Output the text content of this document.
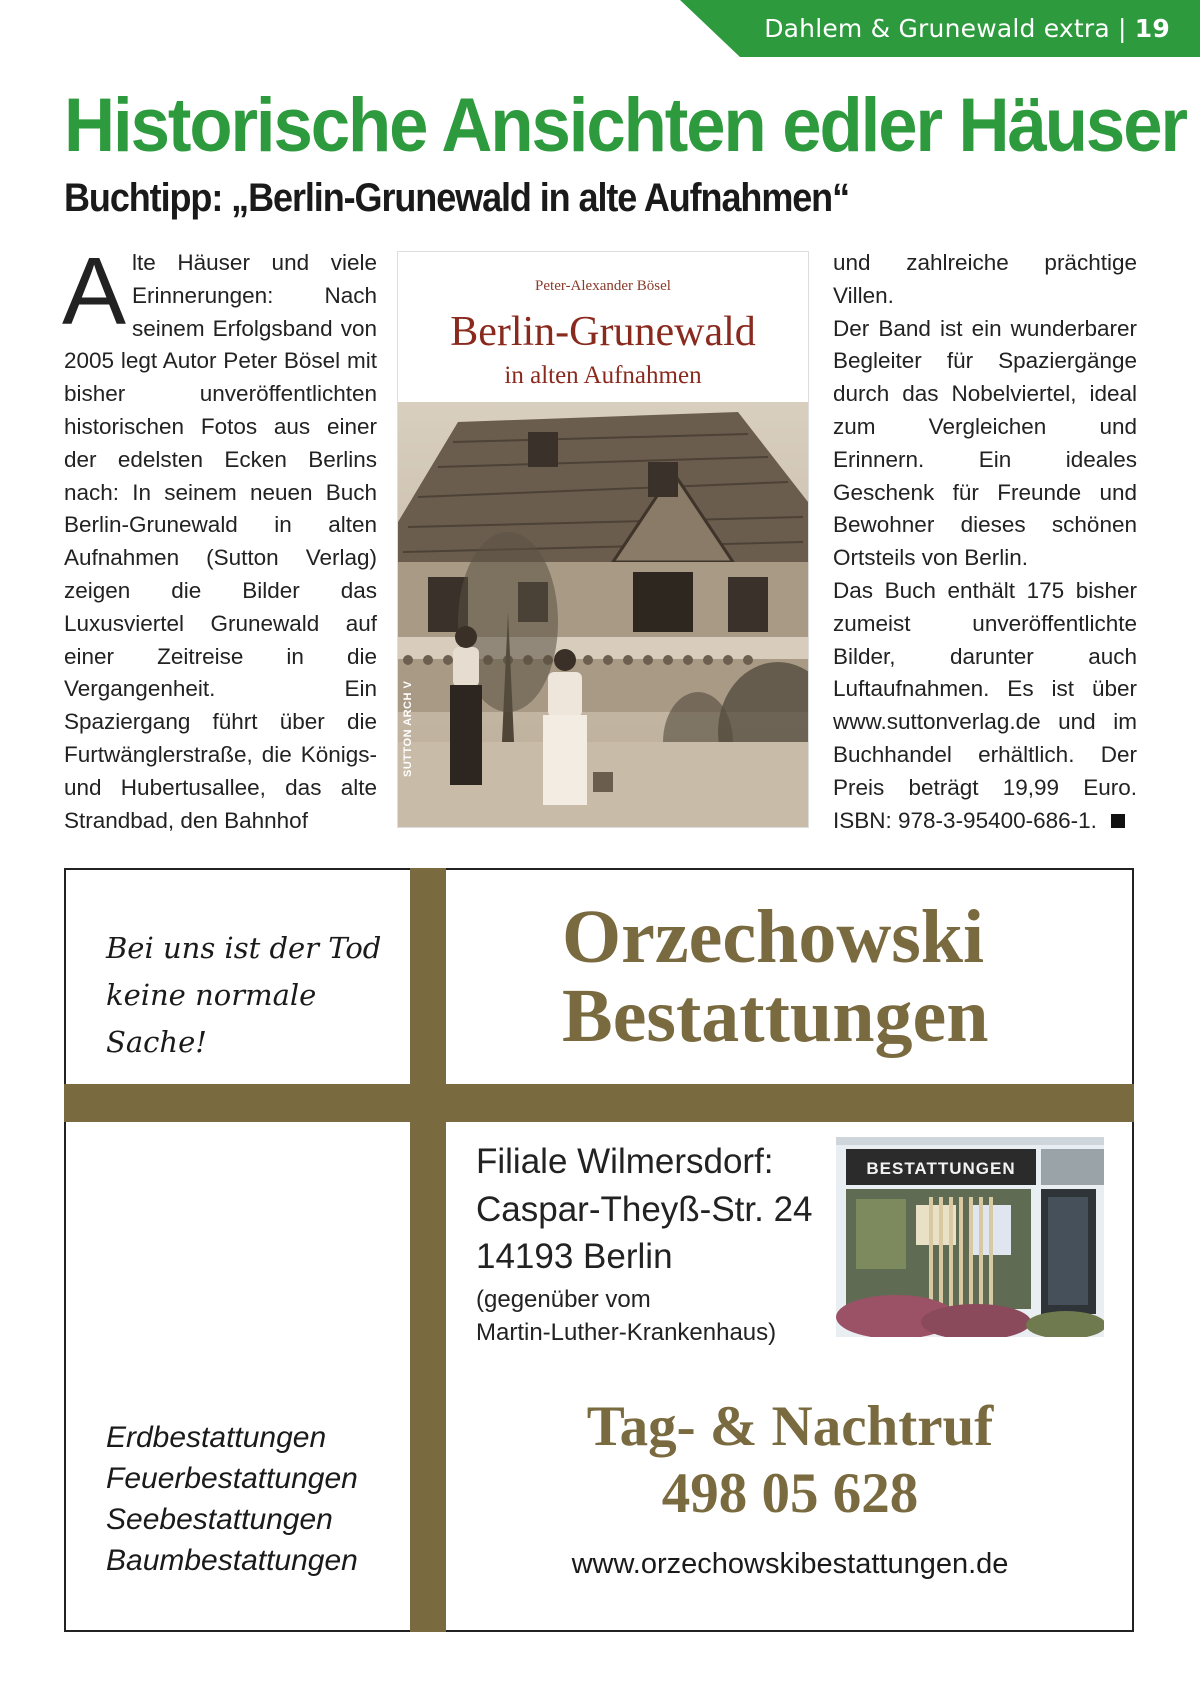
Dahlem & Grunewald extra | 19
Historische Ansichten edler Häuser
Buchtipp: „Berlin-Grunewald in alte Aufnahmen“
A lte Häuser und viele Erinnerungen: Nach seinem Erfolgsband von 2005 legt Autor Peter Bösel mit bisher unveröffentlichten historischen Fotos aus einer der edelsten Ecken Berlins nach: In seinem neuen Buch Berlin-Grunewald in alten Aufnahmen (Sutton Verlag) zeigen die Bilder das Luxusviertel Grunewald auf einer Zeitreise in die Vergangenheit. Ein Spaziergang führt über die Furtwänglerstraße, die Königs- und Hubertusallee, das alte Strandbad, den Bahnhof
Peter-Alexander Bösel
Berlin-Grunewald
in alten Aufnahmen
SUTTON ARCH V

und zahlreiche prächtige Villen.

Der Band ist ein wunderbarer Begleiter für Spaziergänge durch das Nobelviertel, ideal zum Vergleichen und Erinnern. Ein ideales Geschenk für Freunde und Bewohner dieses schönen Ortsteils von Berlin.

Das Buch enthält 175 bisher zumeist unveröffentlichte Bilder, darunter auch Luftaufnahmen. Es ist über www.suttonverlag.de und im Buchhandel erhältlich. Der Preis beträgt 19,99 Euro. ISBN: 978-3-95400-686-1.

Bei uns ist der Tod
keine normale Sache!
Orzechowski
Bestattungen
Filiale Wilmersdorf:
Caspar-Theyß-Str. 24
14193 Berlin
(gegenüber vom
Martin-Luther-Krankenhaus)
BESTATTUNGEN
Erdbestattungen
Feuerbestattungen
Seebestattungen
Baumbestattungen
Tag- & Nachtruf
498 05 628
www.orzechowskibestattungen.de
